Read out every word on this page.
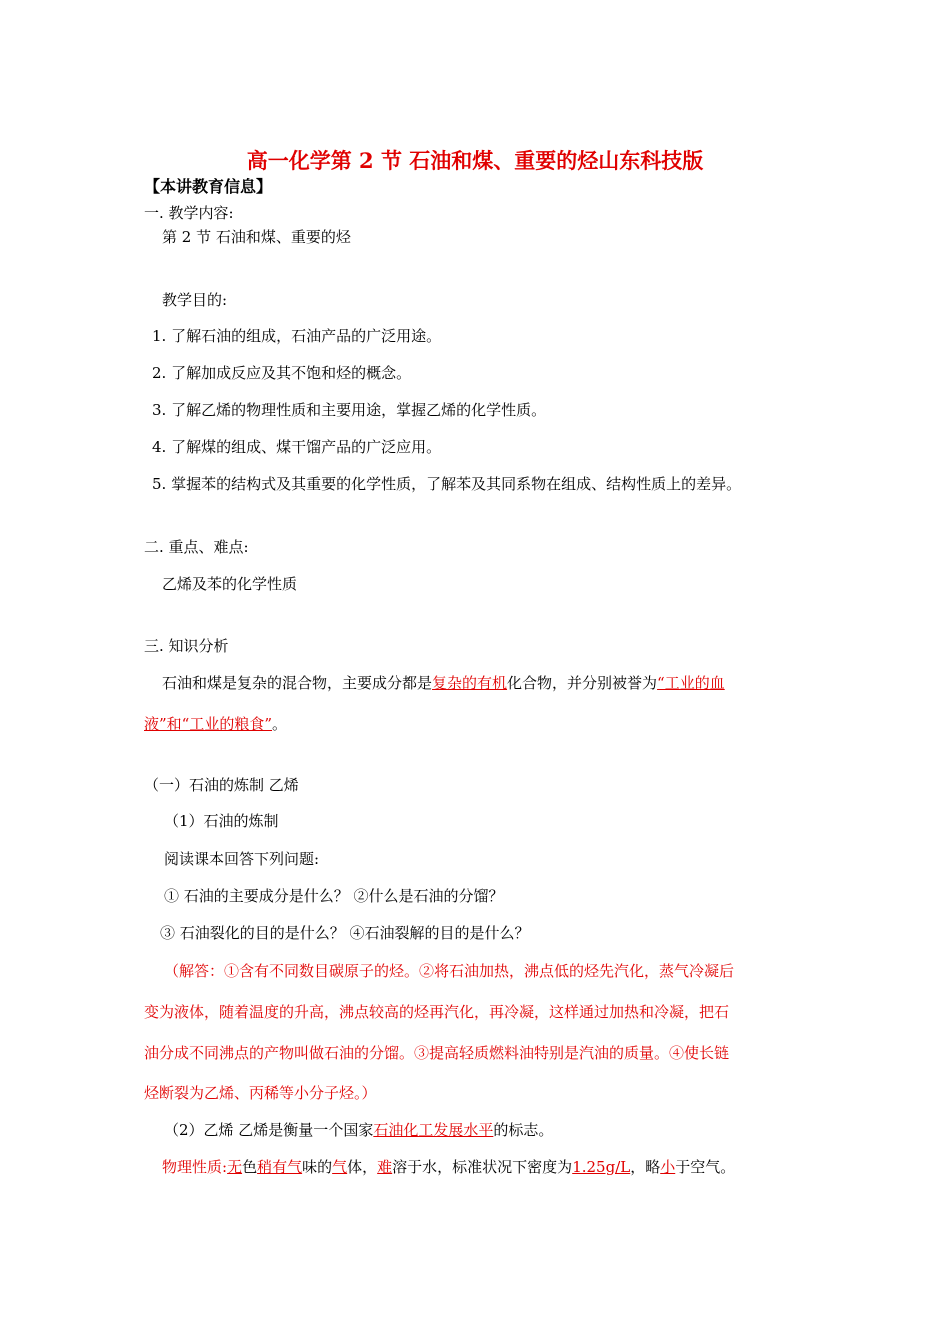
高一化学第 2 节 石油和煤、重要的烃山东科技版
【本讲教育信息】
一. 教学内容:
第 2 节 石油和煤、重要的烃
教学目的:
1. 了解石油的组成，石油产品的广泛用途。
2. 了解加成反应及其不饱和烃的概念。
3. 了解乙烯的物理性质和主要用途，掌握乙烯的化学性质。
4. 了解煤的组成、煤干馏产品的广泛应用。
5. 掌握苯的结构式及其重要的化学性质，了解苯及其同系物在组成、结构性质上的差异。
二. 重点、难点:
乙烯及苯的化学性质
三. 知识分析
石油和煤是复杂的混合物，主要成分都是复杂的有机化合物，并分别被誉为“工业的血
液”和“工业的粮食”。
（一）石油的炼制 乙烯
（1）石油的炼制
阅读课本回答下列问题:
① 石油的主要成分是什么？ ②什么是石油的分馏？
③ 石油裂化的目的是什么？ ④石油裂解的目的是什么？
（解答：①含有不同数目碳原子的烃。②将石油加热，沸点低的烃先汽化，蒸气冷凝后
变为液体，随着温度的升高，沸点较高的烃再汽化，再冷凝，这样通过加热和冷凝，把石
油分成不同沸点的产物叫做石油的分馏。③提高轻质燃料油特别是汽油的质量。④使长链
烃断裂为乙烯、丙稀等小分子烃。）
（2）乙烯 乙烯是衡量一个国家石油化工发展水平的标志。
物理性质:无色稍有气味的气体，难溶于水，标准状况下密度为1.25g/L，略小于空气。
